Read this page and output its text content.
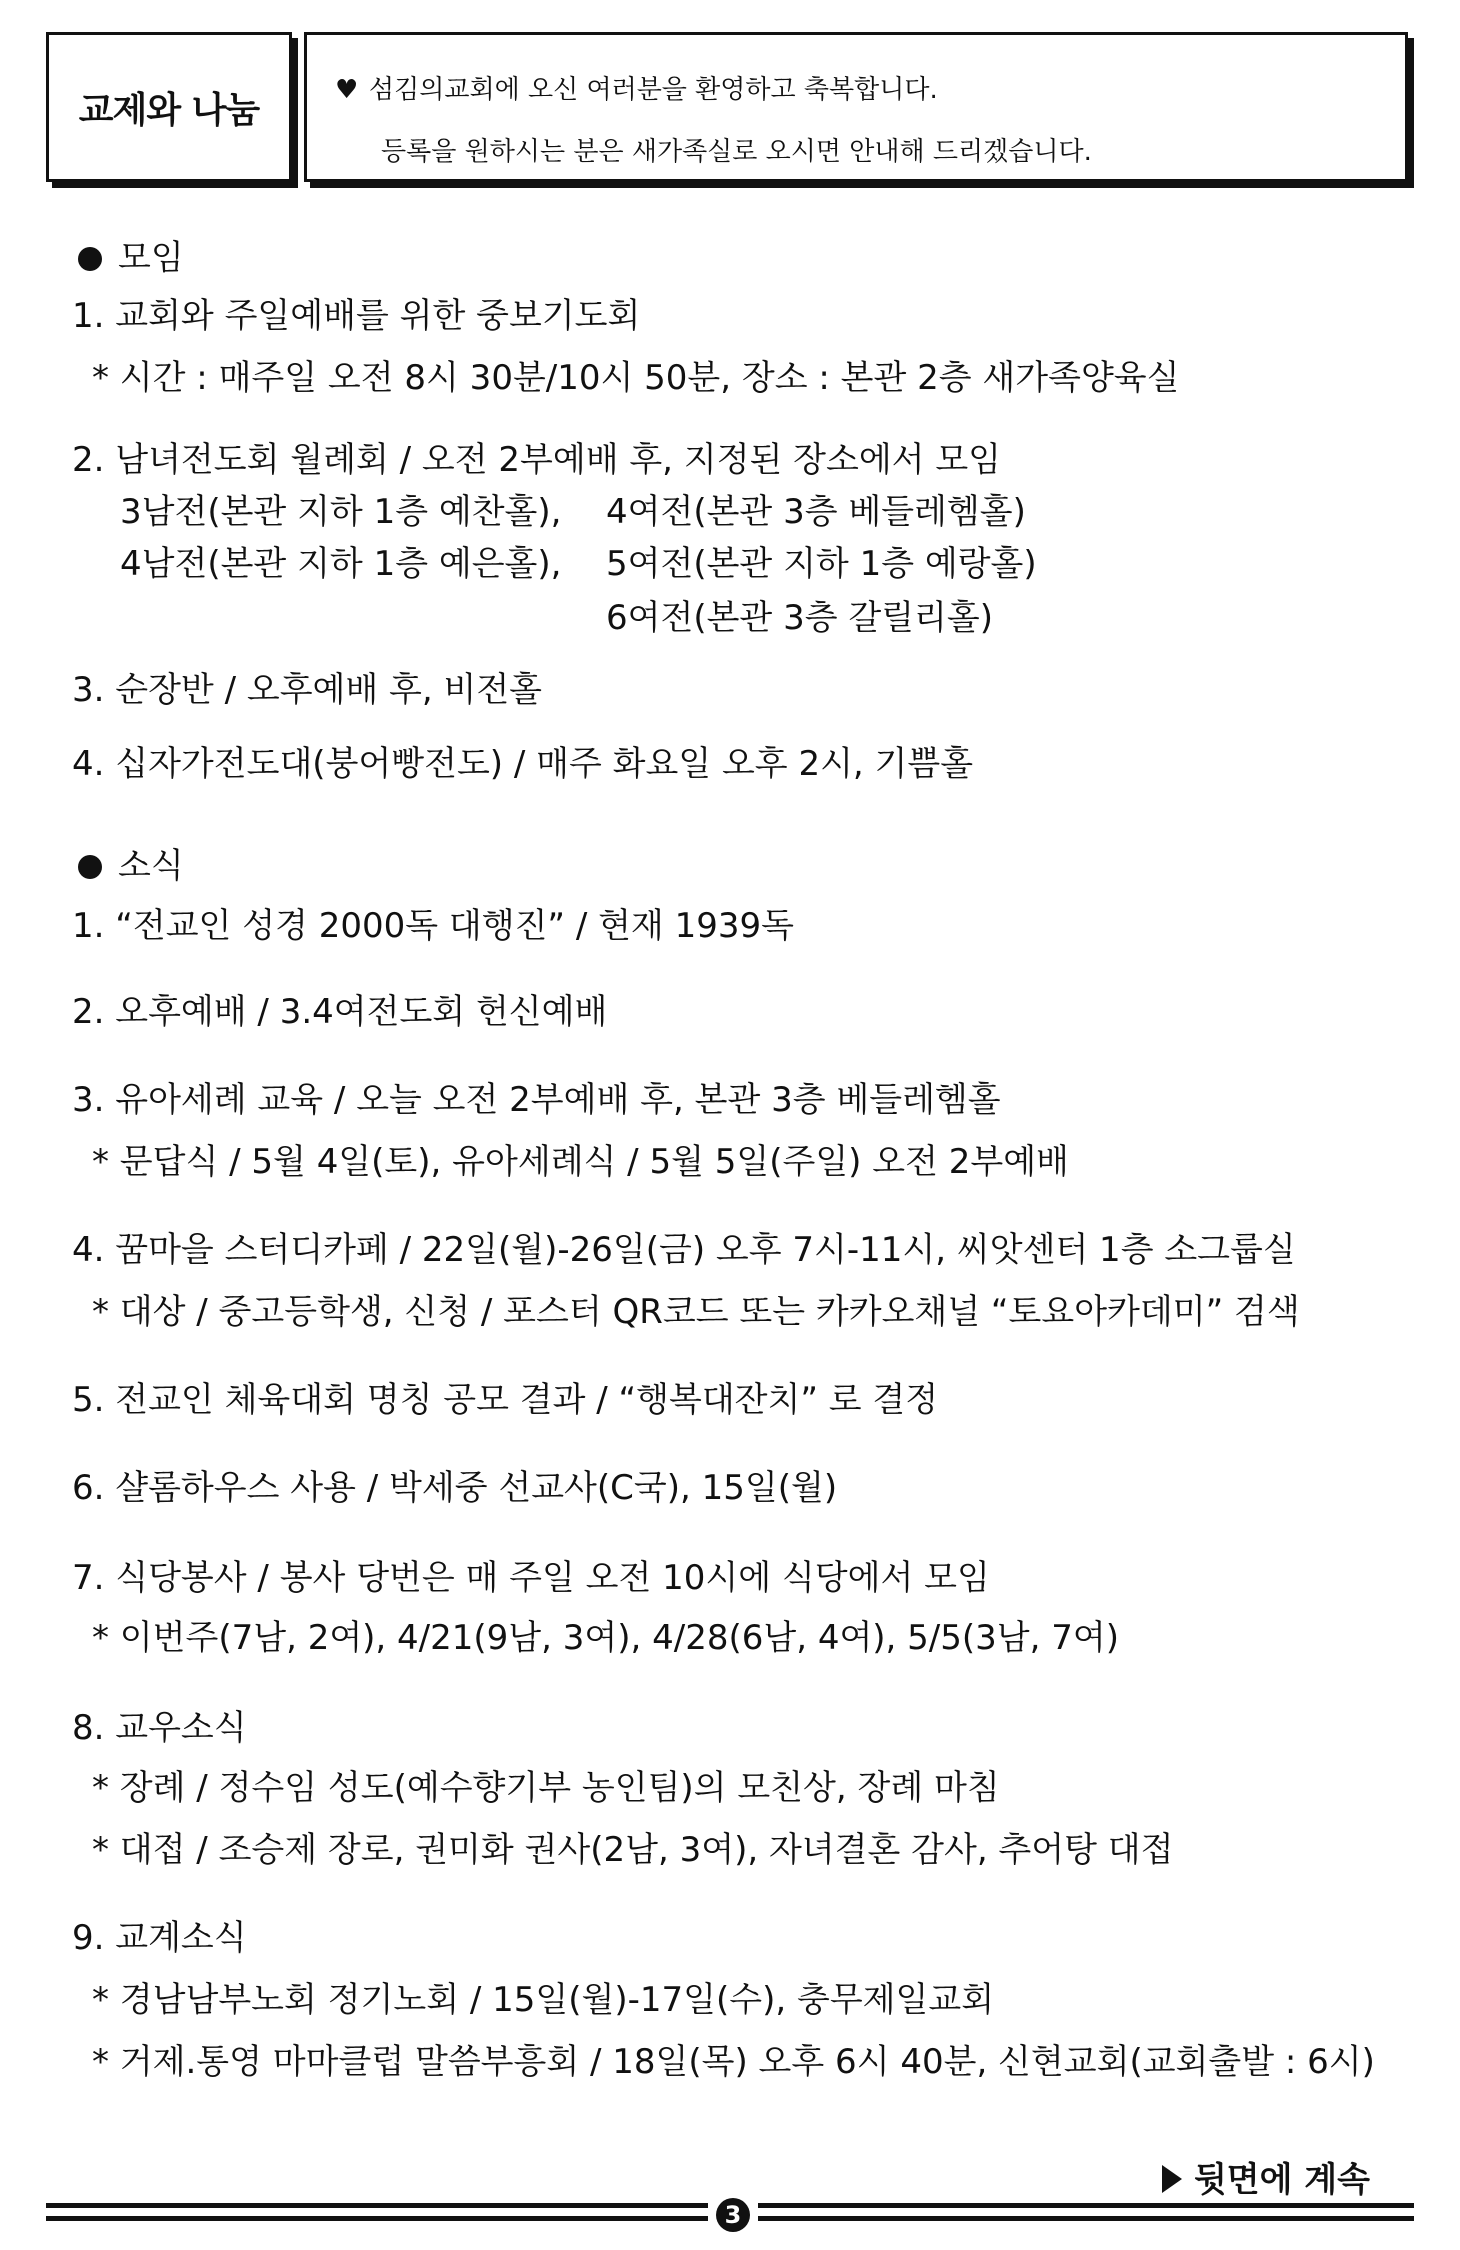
교제와 나눔	♥ 섬김의교회에 오신 여러분을 환영하고 축복합니다.
등록을 원하시는 분은 새가족실로 오시면 안내해 드리겠습니다.
모임
1. 교회와 주일예배를 위한 중보기도회
* 시간 : 매주일 오전 8시 30분/10시 50분, 장소 : 본관 2층 새가족양육실
2. 남녀전도회 월례회 / 오전 2부예배 후, 지정된 장소에서 모임
3남전(본관 지하 1층 예찬홀), 4여전(본관 3층 베들레헴홀)
4남전(본관 지하 1층 예은홀), 5여전(본관 지하 1층 예랑홀)
6여전(본관 3층 갈릴리홀)
3. 순장반 / 오후예배 후, 비전홀
4. 십자가전도대(붕어빵전도) / 매주 화요일 오후 2시, 기쁨홀
소식
1. “전교인 성경 2000독 대행진” / 현재 1939독
2. 오후예배 / 3.4여전도회 헌신예배
3. 유아세례 교육 / 오늘 오전 2부예배 후, 본관 3층 베들레헴홀
* 문답식 / 5월 4일(토), 유아세례식 / 5월 5일(주일) 오전 2부예배
4. 꿈마을 스터디카페 / 22일(월)-26일(금) 오후 7시-11시, 씨앗센터 1층 소그룹실
* 대상 / 중고등학생, 신청 / 포스터 QR코드 또는 카카오채널 “토요아카데미” 검색
5. 전교인 체육대회 명칭 공모 결과 / “행복대잔치” 로 결정
6. 샬롬하우스 사용 / 박세중 선교사(C국), 15일(월)
7. 식당봉사 / 봉사 당번은 매 주일 오전 10시에 식당에서 모임
* 이번주(7남, 2여), 4/21(9남, 3여), 4/28(6남, 4여), 5/5(3남, 7여)
8. 교우소식
* 장례 / 정수임 성도(예수향기부 농인팀)의 모친상, 장례 마침
* 대접 / 조승제 장로, 권미화 권사(2남, 3여), 자녀결혼 감사, 추어탕 대접
9. 교계소식
* 경남남부노회 정기노회 / 15일(월)-17일(수), 충무제일교회
* 거제.통영 마마클럽 말씀부흥회 / 18일(목) 오후 6시 40분, 신현교회(교회출발 : 6시)
뒷면에 계속
3
